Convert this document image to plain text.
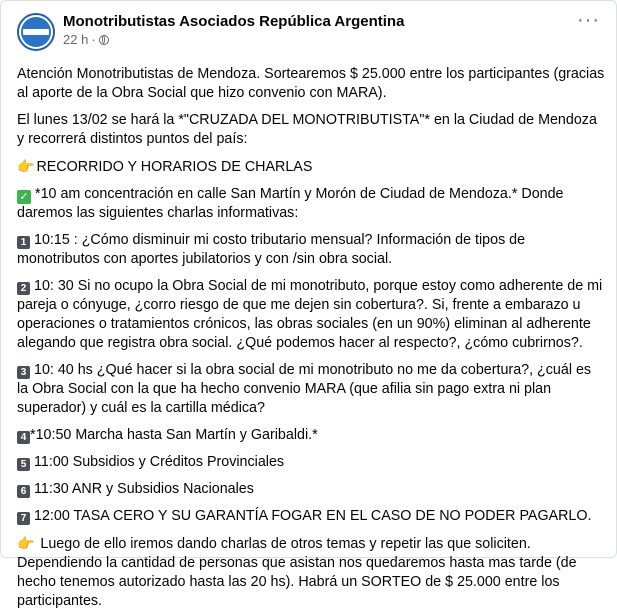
Monotributistas Asociados República Argentina
22 h ·
···

Atención Monotributistas de Mendoza. Sortearemos $ 25.000 entre los participantes (gracias al aporte de la Obra Social que hizo convenio con MARA).

El lunes 13/02 se hará la *"CRUZADA DEL MONOTRIBUTISTA"* en la Ciudad de Mendoza y recorrerá distintos puntos del país:

👉 RECORRIDO Y HORARIOS DE CHARLAS

✓ *10 am concentración en calle San Martín y Morón de Ciudad de Mendoza.* Donde daremos las siguientes charlas informativas:

1 10:15 : ¿Cómo disminuir mi costo tributario mensual? Información de tipos de monotributos con aportes jubilatorios y con /sin obra social.

2 10: 30 Si no ocupo la Obra Social de mi monotributo, porque estoy como adherente de mi pareja o cónyuge, ¿corro riesgo de que me dejen sin cobertura?. Si, frente a embarazo u operaciones o tratamientos crónicos, las obras sociales (en un 90%) eliminan al adherente alegando que registra obra social. ¿Qué podemos hacer al respecto?, ¿cómo cubrirnos?.

3 10: 40 hs ¿Qué hacer si la obra social de mi monotributo no me da cobertura?, ¿cuál es la Obra Social con la que ha hecho convenio MARA (que afilia sin pago extra ni plan superador) y cuál es la cartilla médica?

4 *10:50 Marcha hasta San Martín y Garibaldi.*

5 11:00 Subsidios y Créditos Provinciales

6 11:30 ANR y Subsidios Nacionales

7 12:00 TASA CERO Y SU GARANTÍA FOGAR EN EL CASO DE NO PODER PAGARLO.

👉 Luego de ello iremos dando charlas de otros temas y repetir las que soliciten. Dependiendo la cantidad de personas que asistan nos quedaremos hasta mas tarde (de hecho tenemos autorizado hasta las 20 hs). Habrá un SORTEO de $ 25.000 entre los participantes.
